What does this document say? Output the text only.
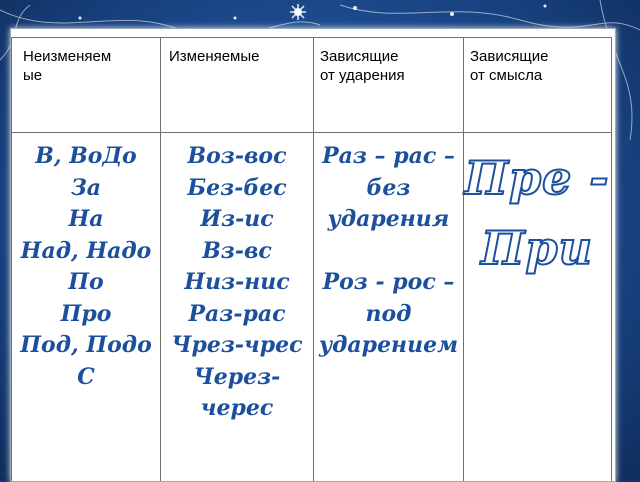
Неизменяем
ые
Изменяемые	Зависящие
от ударения
Зависящие
от смысла
В, ВоДо
За
На
Над, Надо
По
Про
Под, Подо
С
Воз-вос
Без-бес
Из-ис
Вз-вс
Низ-нис
Раз-рас
Чрез-чрес
Через-
черес
Раз – рас –
без
ударения

Роз - рос –
под
ударением
Пре -
При
